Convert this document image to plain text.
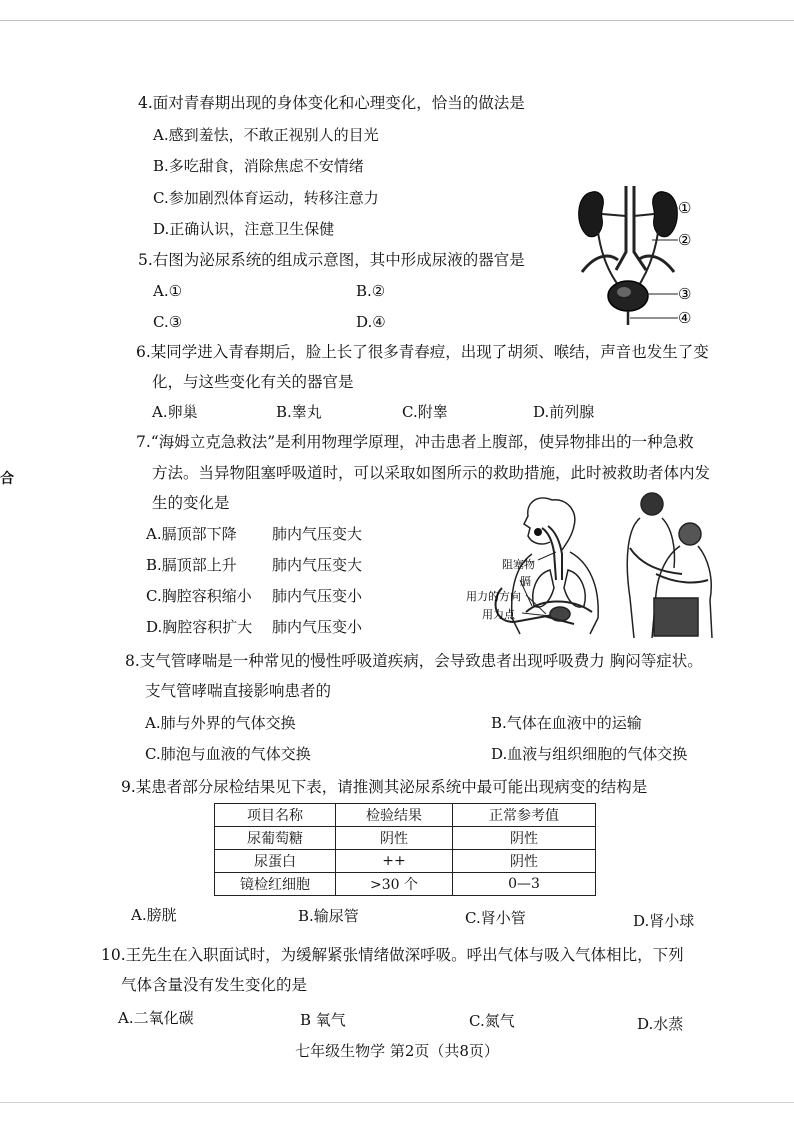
合
4.面对青春期出现的身体变化和心理变化，恰当的做法是
A.感到羞怯，不敢正视别人的目光
B.多吃甜食，消除焦虑不安情绪
C.参加剧烈体育运动，转移注意力
D.正确认识，注意卫生保健
5.右图为泌尿系统的组成示意图，其中形成尿液的器官是
A.①	B.②
C.③	D.④
①
②
③
④
6.某同学进入青春期后，脸上长了很多青春痘，出现了胡须、喉结，声音也发生了变
化，与这些变化有关的器官是
A.卵巢	B.睾丸	C.附睾	D.前列腺
7.“海姆立克急救法”是利用物理学原理，冲击患者上腹部，使异物排出的一种急救
方法。当异物阻塞呼吸道时，可以采取如图所示的救助措施，此时被救助者体内发
生的变化是
A.膈顶部下降 肺内气压变大
B.膈顶部上升 肺内气压变大
C.胸腔容积缩小 肺内气压变小
D.胸腔容积扩大 肺内气压变小
阻塞物
膈
用力的方向
用力点
8.支气管哮喘是一种常见的慢性呼吸道疾病，会导致患者出现呼吸费力 胸闷等症状。
支气管哮喘直接影响患者的
A.肺与外界的气体交换	B.气体在血液中的运输
C.肺泡与血液的气体交换	D.血液与组织细胞的气体交换
9.某患者部分尿检结果见下表，请推测其泌尿系统中最可能出现病变的结构是
项目名称	检验结果	正常参考值
尿葡萄糖	阴性	阴性
尿蛋白	++	阴性
镜检红细胞	>30 个	0—3
A.膀胱	B.输尿管	C.肾小管	D.肾小球
10.王先生在入职面试时，为缓解紧张情绪做深呼吸。呼出气体与吸入气体相比，下列
气体含量没有发生变化的是
A.二氧化碳	B 氧气	C.氮气	D.水蒸
七年级生物学 第2页（共8页）
